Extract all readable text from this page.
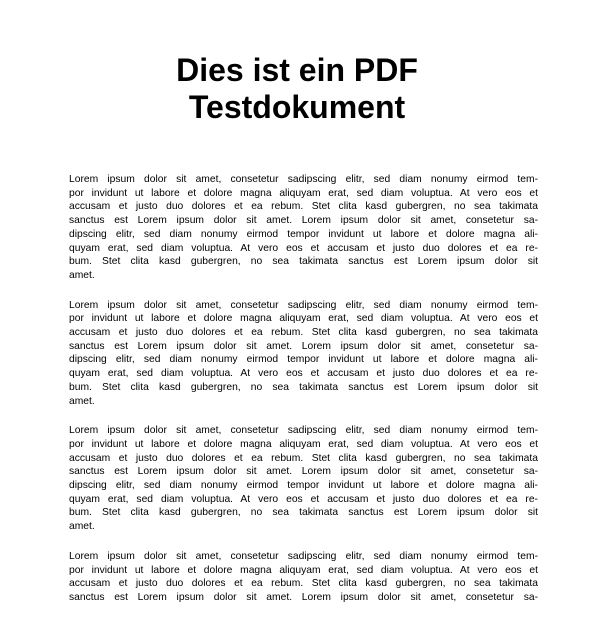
Dies ist ein PDF
Testdokument

Lorem ipsum dolor sit amet, consetetur sadipscing elitr, sed diam nonumy eirmod tem-
por invidunt ut labore et dolore magna aliquyam erat, sed diam voluptua. At vero eos et
accusam et justo duo dolores et ea rebum. Stet clita kasd gubergren, no sea takimata
sanctus est Lorem ipsum dolor sit amet. Lorem ipsum dolor sit amet, consetetur sa-
dipscing elitr, sed diam nonumy eirmod tempor invidunt ut labore et dolore magna ali-
quyam erat, sed diam voluptua. At vero eos et accusam et justo duo dolores et ea re-
bum. Stet clita kasd gubergren, no sea takimata sanctus est Lorem ipsum dolor sit
amet.

Lorem ipsum dolor sit amet, consetetur sadipscing elitr, sed diam nonumy eirmod tem-
por invidunt ut labore et dolore magna aliquyam erat, sed diam voluptua. At vero eos et
accusam et justo duo dolores et ea rebum. Stet clita kasd gubergren, no sea takimata
sanctus est Lorem ipsum dolor sit amet. Lorem ipsum dolor sit amet, consetetur sa-
dipscing elitr, sed diam nonumy eirmod tempor invidunt ut labore et dolore magna ali-
quyam erat, sed diam voluptua. At vero eos et accusam et justo duo dolores et ea re-
bum. Stet clita kasd gubergren, no sea takimata sanctus est Lorem ipsum dolor sit
amet.

Lorem ipsum dolor sit amet, consetetur sadipscing elitr, sed diam nonumy eirmod tem-
por invidunt ut labore et dolore magna aliquyam erat, sed diam voluptua. At vero eos et
accusam et justo duo dolores et ea rebum. Stet clita kasd gubergren, no sea takimata
sanctus est Lorem ipsum dolor sit amet. Lorem ipsum dolor sit amet, consetetur sa-
dipscing elitr, sed diam nonumy eirmod tempor invidunt ut labore et dolore magna ali-
quyam erat, sed diam voluptua. At vero eos et accusam et justo duo dolores et ea re-
bum. Stet clita kasd gubergren, no sea takimata sanctus est Lorem ipsum dolor sit
amet.

Lorem ipsum dolor sit amet, consetetur sadipscing elitr, sed diam nonumy eirmod tem-
por invidunt ut labore et dolore magna aliquyam erat, sed diam voluptua. At vero eos et
accusam et justo duo dolores et ea rebum. Stet clita kasd gubergren, no sea takimata
sanctus est Lorem ipsum dolor sit amet. Lorem ipsum dolor sit amet, consetetur sa-
